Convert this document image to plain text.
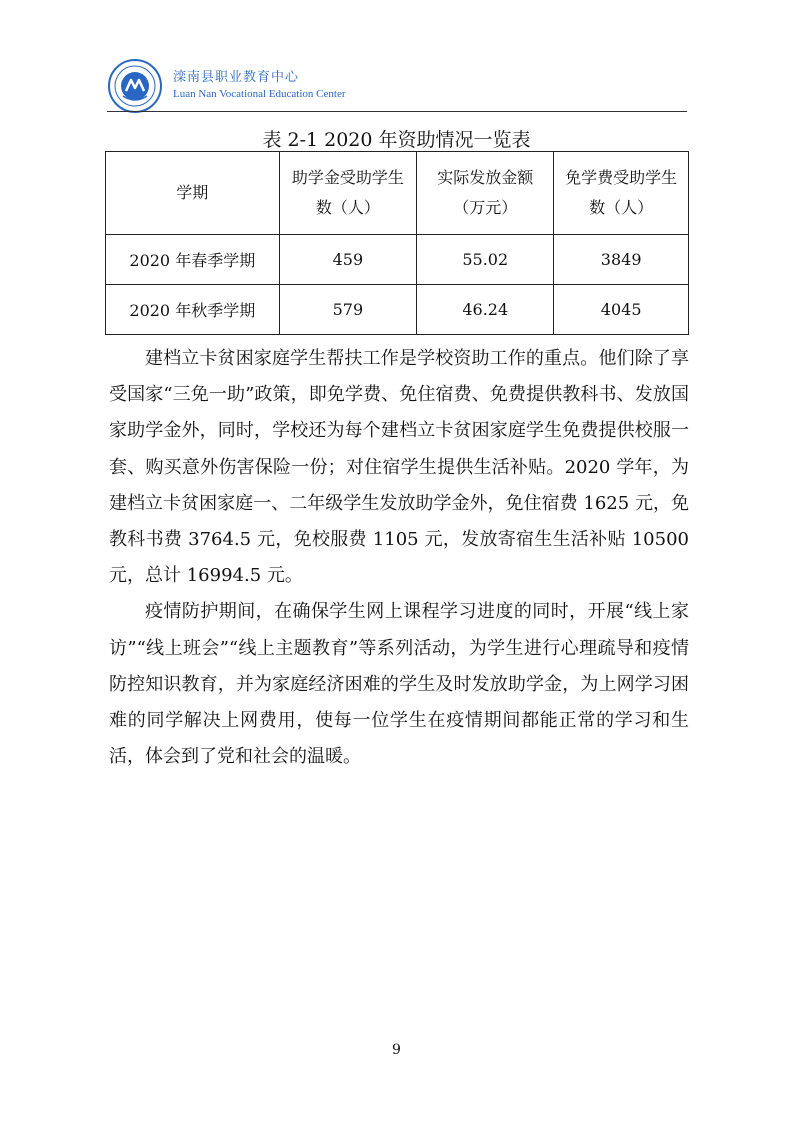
滦南县职业教育中心
Luan Nan Vocational Education Center
表 2-1 2020 年资助情况一览表
学期	助学金受助学生数（人）	实际发放金额（万元）	免学费受助学生数（人）
2020 年春季学期	459	55.02	3849
2020 年秋季学期	579	46.24	4045

建档立卡贫困家庭学生帮扶工作是学校资助工作的重点。他们除了享受国家“三免一助”政策，即免学费、免住宿费、免费提供教科书、发放国家助学金外，同时，学校还为每个建档立卡贫困家庭学生免费提供校服一套、购买意外伤害保险一份；对住宿学生提供生活补贴。2020 学年，为建档立卡贫困家庭一、二年级学生发放助学金外，免住宿费 1625 元，免教科书费 3764.5 元，免校服费 1105 元，发放寄宿生生活补贴 10500 元，总计 16994.5 元。

疫情防护期间，在确保学生网上课程学习进度的同时，开展“线上家访”“线上班会”“线上主题教育”等系列活动，为学生进行心理疏导和疫情防控知识教育，并为家庭经济困难的学生及时发放助学金，为上网学习困难的同学解决上网费用，使每一位学生在疫情期间都能正常的学习和生活，体会到了党和社会的温暖。

9
